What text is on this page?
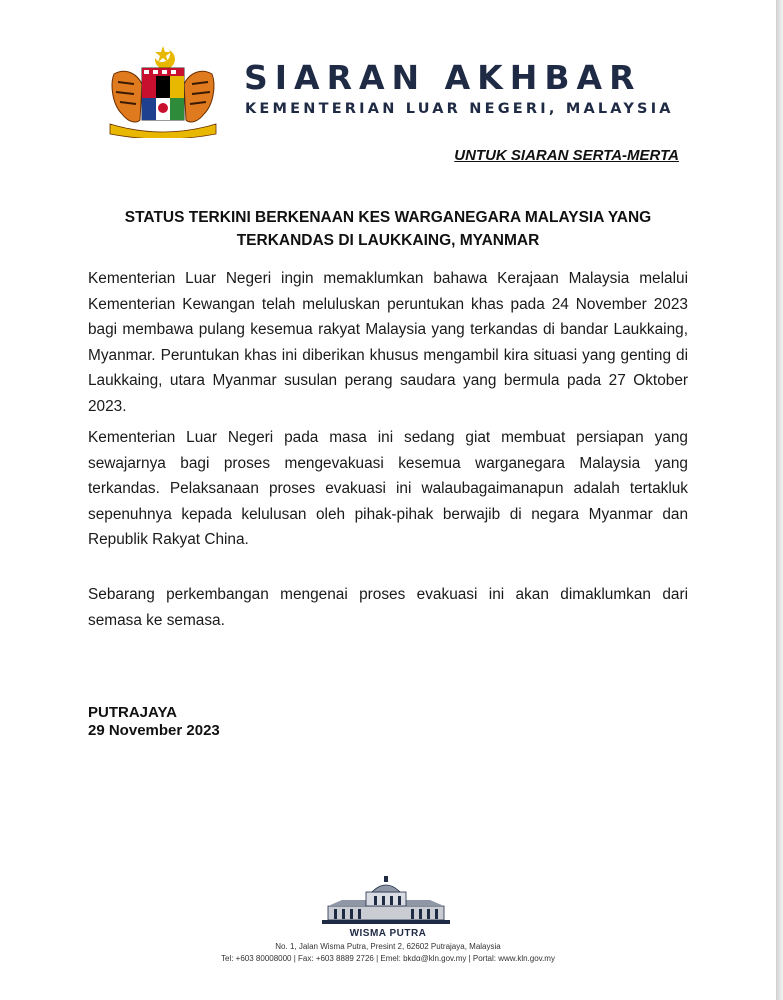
SIARAN AKHBAR
KEMENTERIAN LUAR NEGERI, MALAYSIA
UNTUK SIARAN SERTA-MERTA
STATUS TERKINI BERKENAAN KES WARGANEGARA MALAYSIA YANG TERKANDAS DI LAUKKAING, MYANMAR

Kementerian Luar Negeri ingin memaklumkan bahawa Kerajaan Malaysia melalui Kementerian Kewangan telah meluluskan peruntukan khas pada 24 November 2023 bagi membawa pulang kesemua rakyat Malaysia yang terkandas di bandar Laukkaing, Myanmar. Peruntukan khas ini diberikan khusus mengambil kira situasi yang genting di Laukkaing, utara Myanmar susulan perang saudara yang bermula pada 27 Oktober 2023.

Kementerian Luar Negeri pada masa ini sedang giat membuat persiapan yang sewajarnya bagi proses mengevakuasi kesemua warganegara Malaysia yang terkandas. Pelaksanaan proses evakuasi ini walaubagaimanapun adalah tertakluk sepenuhnya kepada kelulusan oleh pihak-pihak berwajib di negara Myanmar dan Republik Rakyat China.

Sebarang perkembangan mengenai proses evakuasi ini akan dimaklumkan dari semasa ke semasa.

PUTRAJAYA
29 November 2023
WISMA PUTRA
No. 1, Jalan Wisma Putra, Presint 2, 62602 Putrajaya, Malaysia
Tel: +603 80008000 | Fax: +603 8889 2726 | Emel: bkdα@kln.gov.my | Portal: www.kln.gov.my
